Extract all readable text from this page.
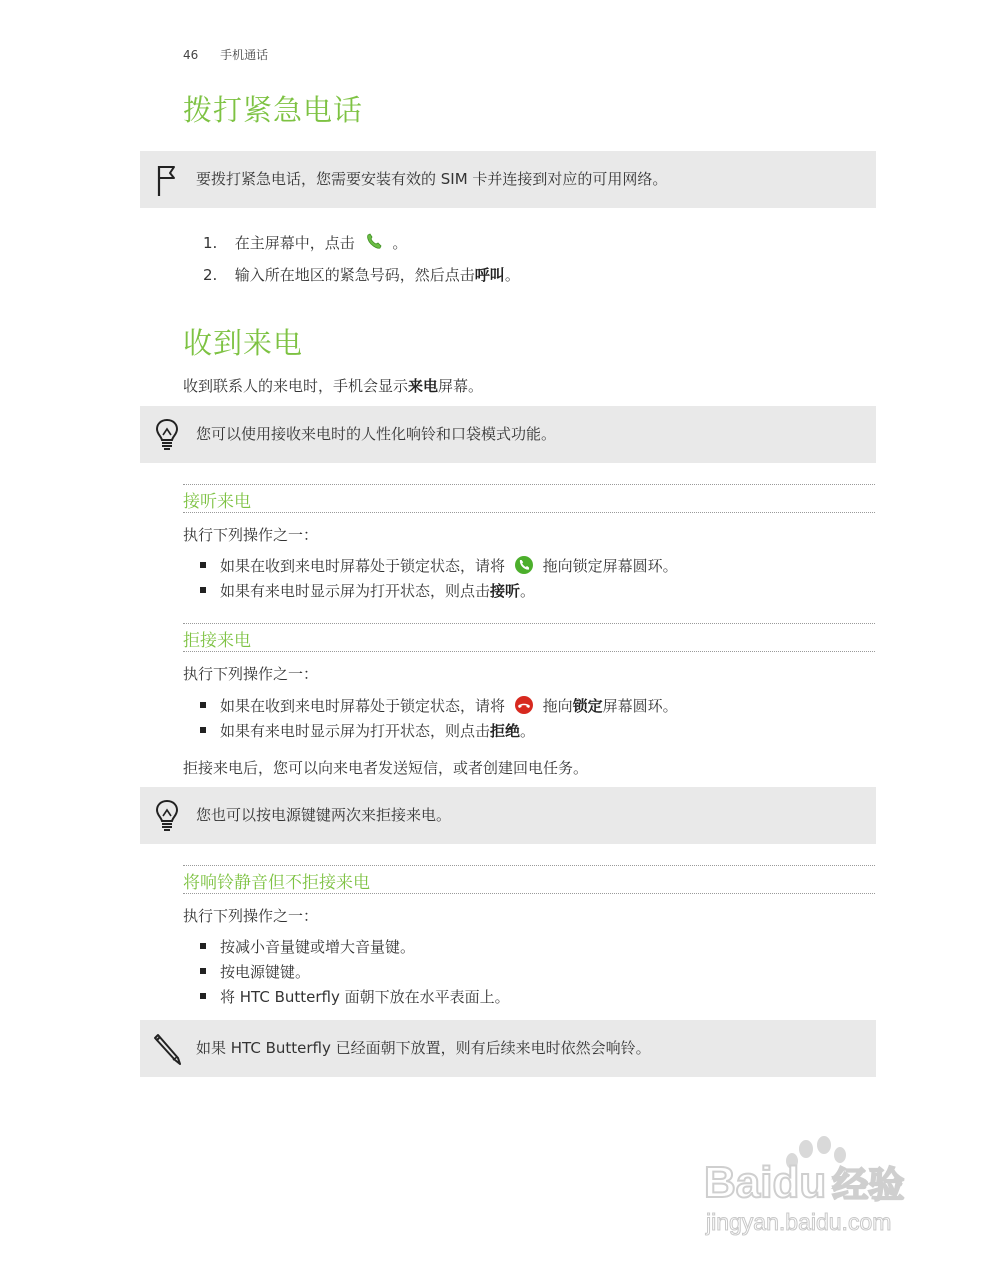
46 手机通话
拨打紧急电话
要拨打紧急电话，您需要安装有效的 SIM 卡并连接到对应的可用网络。
1. 在主屏幕中，点击	。
2. 输入所在地区的紧急号码，然后点击呼叫。
收到来电
收到联系人的来电时，手机会显示来电屏幕。
您可以使用接收来电时的人性化响铃和口袋模式功能。
接听来电
执行下列操作之一：
如果在收到来电时屏幕处于锁定状态，请将	拖向锁定屏幕圆环。
如果有来电时显示屏为打开状态，则点击接听。
拒接来电
执行下列操作之一：
如果在收到来电时屏幕处于锁定状态，请将	拖向锁定屏幕圆环。
如果有来电时显示屏为打开状态，则点击拒绝。
拒接来电后，您可以向来电者发送短信，或者创建回电任务。
您也可以按电源键键两次来拒接来电。
将响铃静音但不拒接来电
执行下列操作之一：
按减小音量键或增大音量键。
按电源键键。
将 HTC Butterfly 面朝下放在水平表面上。
如果 HTC Butterfly 已经面朝下放置，则有后续来电时依然会响铃。
Baidu 经验
jingyan.baidu.com
